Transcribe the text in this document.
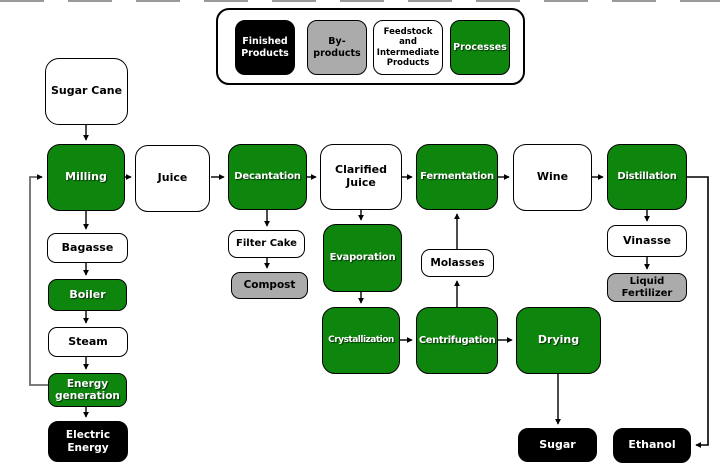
Finished Products
By-products
Feedstock and Intermediate Products
Processes
Sugar Cane
Milling	Juice	Decantation
Clarified Juice	Fermentation	Wine	Distillation
Bagasse
Boiler
Steam
Energy generation
Electric Energy
Filter Cake
Compost
Evaporation
Crystallization	Centrifugation	Drying
Molasses
Vinasse
Liquid Fertilizer
Sugar	Ethanol
